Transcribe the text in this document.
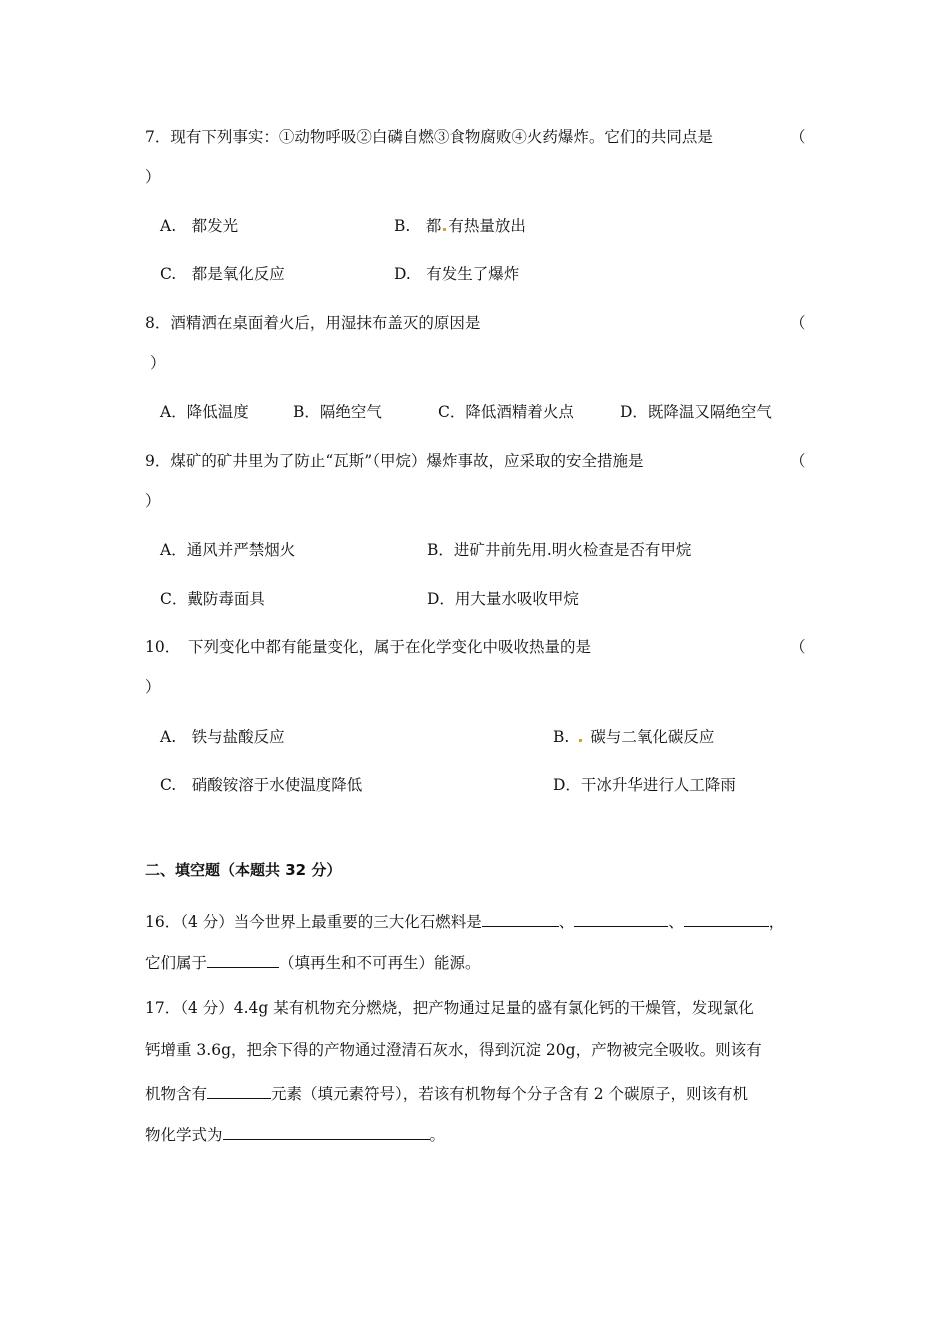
7．现有下列事实：①动物呼吸②白磷自燃③食物腐败④火药爆炸。它们的共同点是	（
）
A.　都发光	B.　都 有热量放出
C.　都是氧化反应	D.　有发生了爆炸
8．酒精洒在桌面着火后，用湿抹布盖灭的原因是	（
）
A．降低温度	B．隔绝空气	C．降低酒精着火点	D．既降温又隔绝空气
9．煤矿的矿井里为了防止“瓦斯”（甲烷）爆炸事故，应采取的安全措施是	（
）
A．通风并严禁烟火	B．进矿井前先用.明火检查是否有甲烷
C．戴防毒面具	D．用大量水吸收甲烷
10．　下列变化中都有能量变化，属于在化学变化中吸收热量的是	（
）
A.　铁与盐酸反应	B. 碳与二氧化碳反应
C.　硝酸铵溶于水使温度降低	D．干冰升华进行人工降雨
二、填空题（本题共 32 分）
16．（4 分）当今世界上最重要的三大化石燃料是	、	、	，
它们属于	（填再生和不可再生）能源。
17．（4 分）4.4g 某有机物充分燃烧，把产物通过足量的盛有氯化钙的干燥管，发现氯化
钙增重 3.6g，把余下得的产物通过澄清石灰水，得到沉淀 20g，产物被完全吸收。则该有
机物含有	元素（填元素符号），若该有机物每个分子含有 2 个碳原子，则该有机
物化学式为	。
